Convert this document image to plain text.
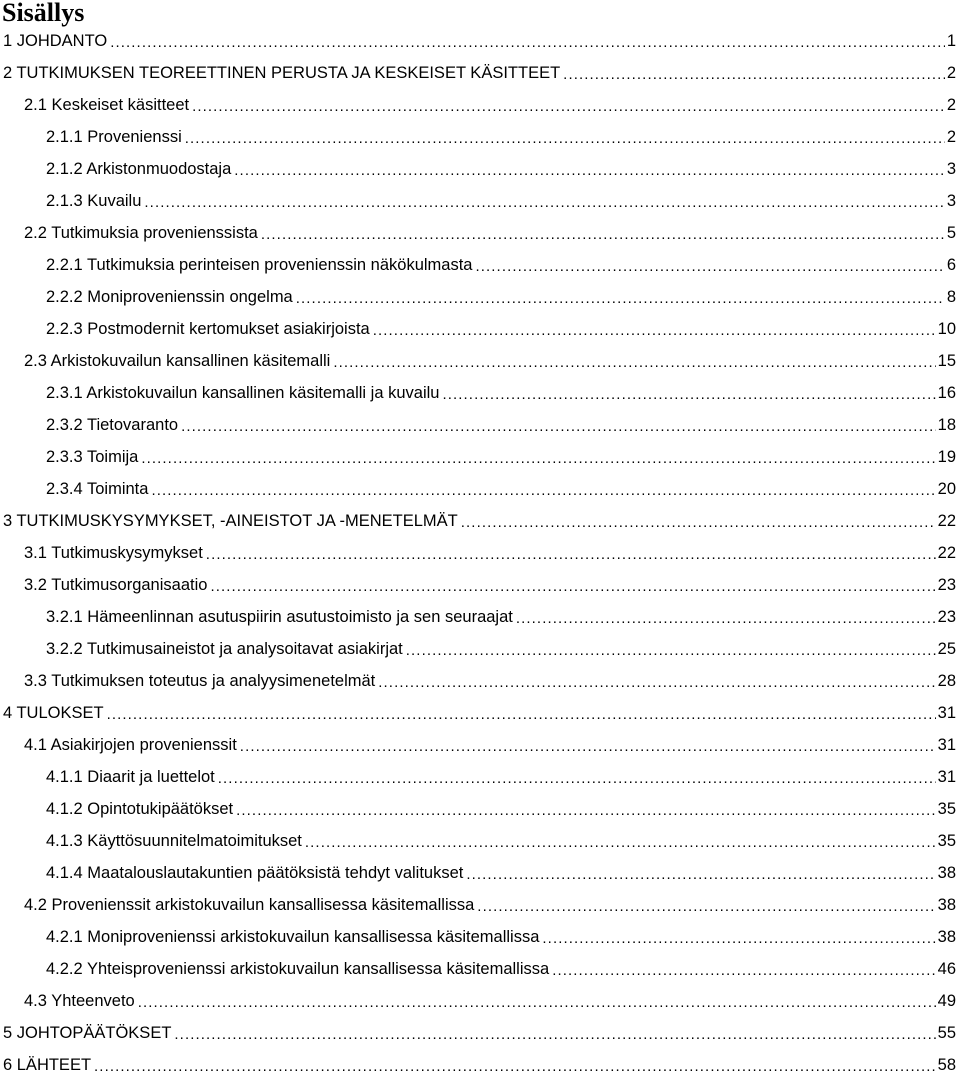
Sisällys
1 JOHDANTO .....	1
2 TUTKIMUKSEN TEOREETTINEN PERUSTA JA KESKEISET KÄSITTEET .....	2
2.1 Keskeiset käsitteet .....	2
2.1.1 Provenienssi .....	2
2.1.2 Arkistonmuodostaja .....	3
2.1.3 Kuvailu .....	3
2.2 Tutkimuksia provenienssista .....	5
2.2.1 Tutkimuksia perinteisen provenienssin näkökulmasta .....	6
2.2.2 Moniprovenienssin ongelma .....	8
2.2.3 Postmodernit kertomukset asiakirjoista .....	10
2.3 Arkistokuvailun kansallinen käsitemalli .....	15
2.3.1 Arkistokuvailun kansallinen käsitemalli ja kuvailu .....	16
2.3.2 Tietovaranto .....	18
2.3.3 Toimija .....	19
2.3.4 Toiminta .....	20
3 TUTKIMUSKYSYMYKSET, -AINEISTOT JA -MENETELMÄT .....	22
3.1 Tutkimuskysymykset .....	22
3.2 Tutkimusorganisaatio .....	23
3.2.1 Hämeenlinnan asutuspiirin asutustoimisto ja sen seuraajat .....	23
3.2.2 Tutkimusaineistot ja analysoitavat asiakirjat .....	25
3.3 Tutkimuksen toteutus ja analyysimenetelmät .....	28
4 TULOKSET .....	31
4.1 Asiakirjojen provenienssit .....	31
4.1.1 Diaarit ja luettelot .....	31
4.1.2 Opintotukipäätökset .....	35
4.1.3 Käyttösuunnitelmatoimitukset .....	35
4.1.4 Maatalouslautakuntien päätöksistä tehdyt valitukset .....	38
4.2 Provenienssit arkistokuvailun kansallisessa käsitemallissa .....	38
4.2.1 Moniprovenienssi arkistokuvailun kansallisessa käsitemallissa .....	38
4.2.2 Yhteisprovenienssi arkistokuvailun kansallisessa käsitemallissa .....	46
4.3 Yhteenveto .....	49
5 JOHTOPÄÄTÖKSET .....	55
6 LÄHTEET .....	58
